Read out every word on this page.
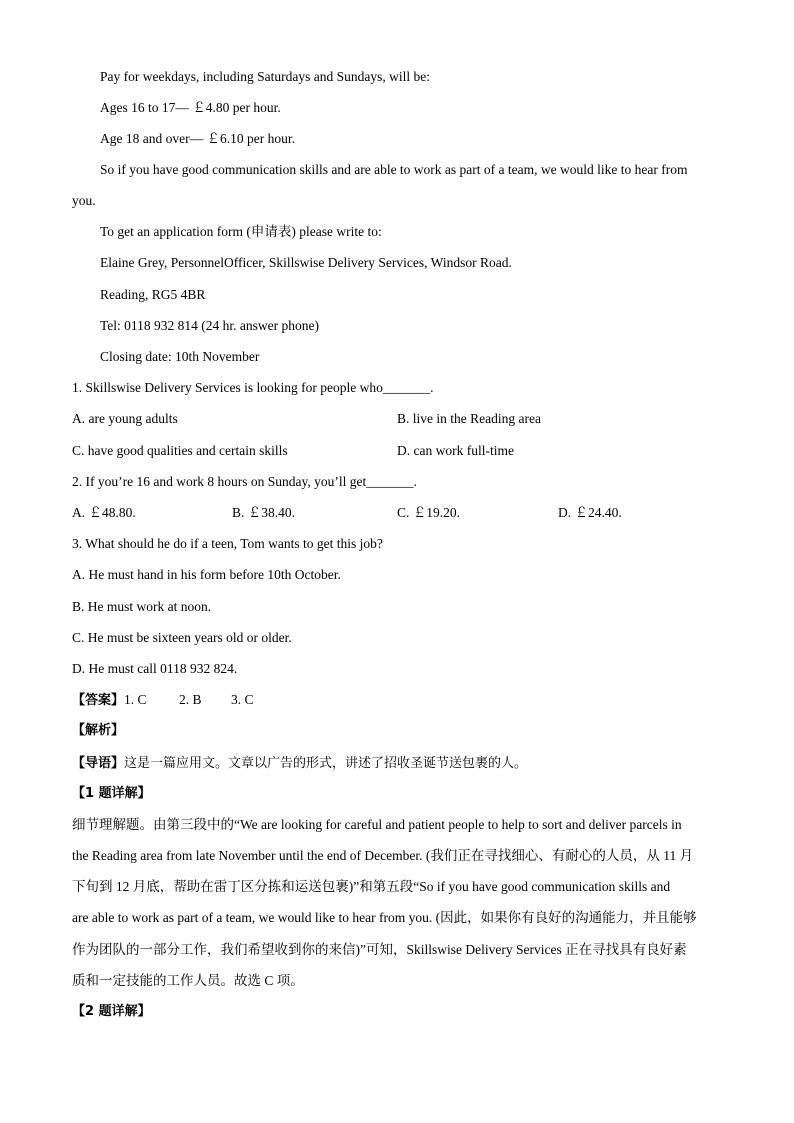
Pay for weekdays, including Saturdays and Sundays, will be:
Ages 16 to 17— ￡4.80 per hour.
Age 18 and over— ￡6.10 per hour.
So if you have good communication skills and are able to work as part of a team, we would like to hear from
you.
To get an application form (申请表) please write to:
Elaine Grey, PersonnelOfficer, Skillswise Delivery Services, Windsor Road.
Reading, RG5 4BR
Tel: 0118 932 814 (24 hr. answer phone)
Closing date: 10th November
1. Skillswise Delivery Services is looking for people who_______.
A. are young adults	B. live in the Reading area
C. have good qualities and certain skills	D. can work full-time
2. If you’re 16 and work 8 hours on Sunday, you’ll get_______.
A. ￡48.80.	B. ￡38.40.	C. ￡19.20.	D. ￡24.40.
3. What should he do if a teen, Tom wants to get this job?
A. He must hand in his form before 10th October.
B. He must work at noon.
C. He must be sixteen years old or older.
D. He must call 0118 932 824.
【答案】1. C 2. B 3. C
【解析】
【导语】这是一篇应用文。文章以广告的形式，讲述了招收圣诞节送包裹的人。
【1 题详解】
细节理解题。由第三段中的“We are looking for careful and patient people to help to sort and deliver parcels in
the Reading area from late November until the end of December. (我们正在寻找细心、有耐心的人员，从 11 月
下旬到 12 月底，帮助在雷丁区分拣和运送包裹)”和第五段“So if you have good communication skills and
are able to work as part of a team, we would like to hear from you. (因此，如果你有良好的沟通能力，并且能够
作为团队的一部分工作，我们希望收到你的来信)”可知，Skillswise Delivery Services 正在寻找具有良好素
质和一定技能的工作人员。故选 C 项。
【2 题详解】
